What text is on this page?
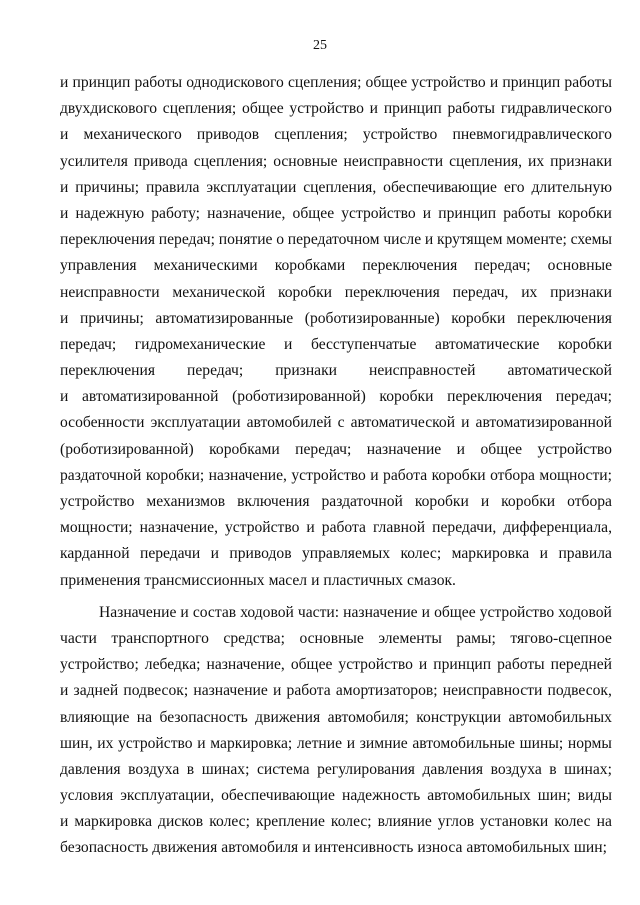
25
и принцип работы однодискового сцепления; общее устройство и принцип работы
двухдискового сцепления; общее устройство и принцип работы гидравлического
и механического приводов сцепления; устройство пневмогидравлического
усилителя привода сцепления; основные неисправности сцепления, их признаки
и причины; правила эксплуатации сцепления, обеспечивающие его длительную
и надежную работу; назначение, общее устройство и принцип работы коробки
переключения передач; понятие о передаточном числе и крутящем моменте; схемы
управления механическими коробками переключения передач; основные
неисправности механической коробки переключения передач, их признаки
и причины; автоматизированные (роботизированные) коробки переключения
передач; гидромеханические и бесступенчатые автоматические коробки
переключения передач; признаки неисправностей автоматической
и автоматизированной (роботизированной) коробки переключения передач;
особенности эксплуатации автомобилей с автоматической и автоматизированной
(роботизированной) коробками передач; назначение и общее устройство
раздаточной коробки; назначение, устройство и работа коробки отбора мощности;
устройство механизмов включения раздаточной коробки и коробки отбора
мощности; назначение, устройство и работа главной передачи, дифференциала,
карданной передачи и приводов управляемых колес; маркировка и правила
применения трансмиссионных масел и пластичных смазок.
Назначение и состав ходовой части: назначение и общее устройство ходовой
части транспортного средства; основные элементы рамы; тягово-сцепное
устройство; лебедка; назначение, общее устройство и принцип работы передней
и задней подвесок; назначение и работа амортизаторов; неисправности подвесок,
влияющие на безопасность движения автомобиля; конструкции автомобильных
шин, их устройство и маркировка; летние и зимние автомобильные шины; нормы
давления воздуха в шинах; система регулирования давления воздуха в шинах;
условия эксплуатации, обеспечивающие надежность автомобильных шин; виды
и маркировка дисков колес; крепление колес; влияние углов установки колес на
безопасность движения автомобиля и интенсивность износа автомобильных шин;
